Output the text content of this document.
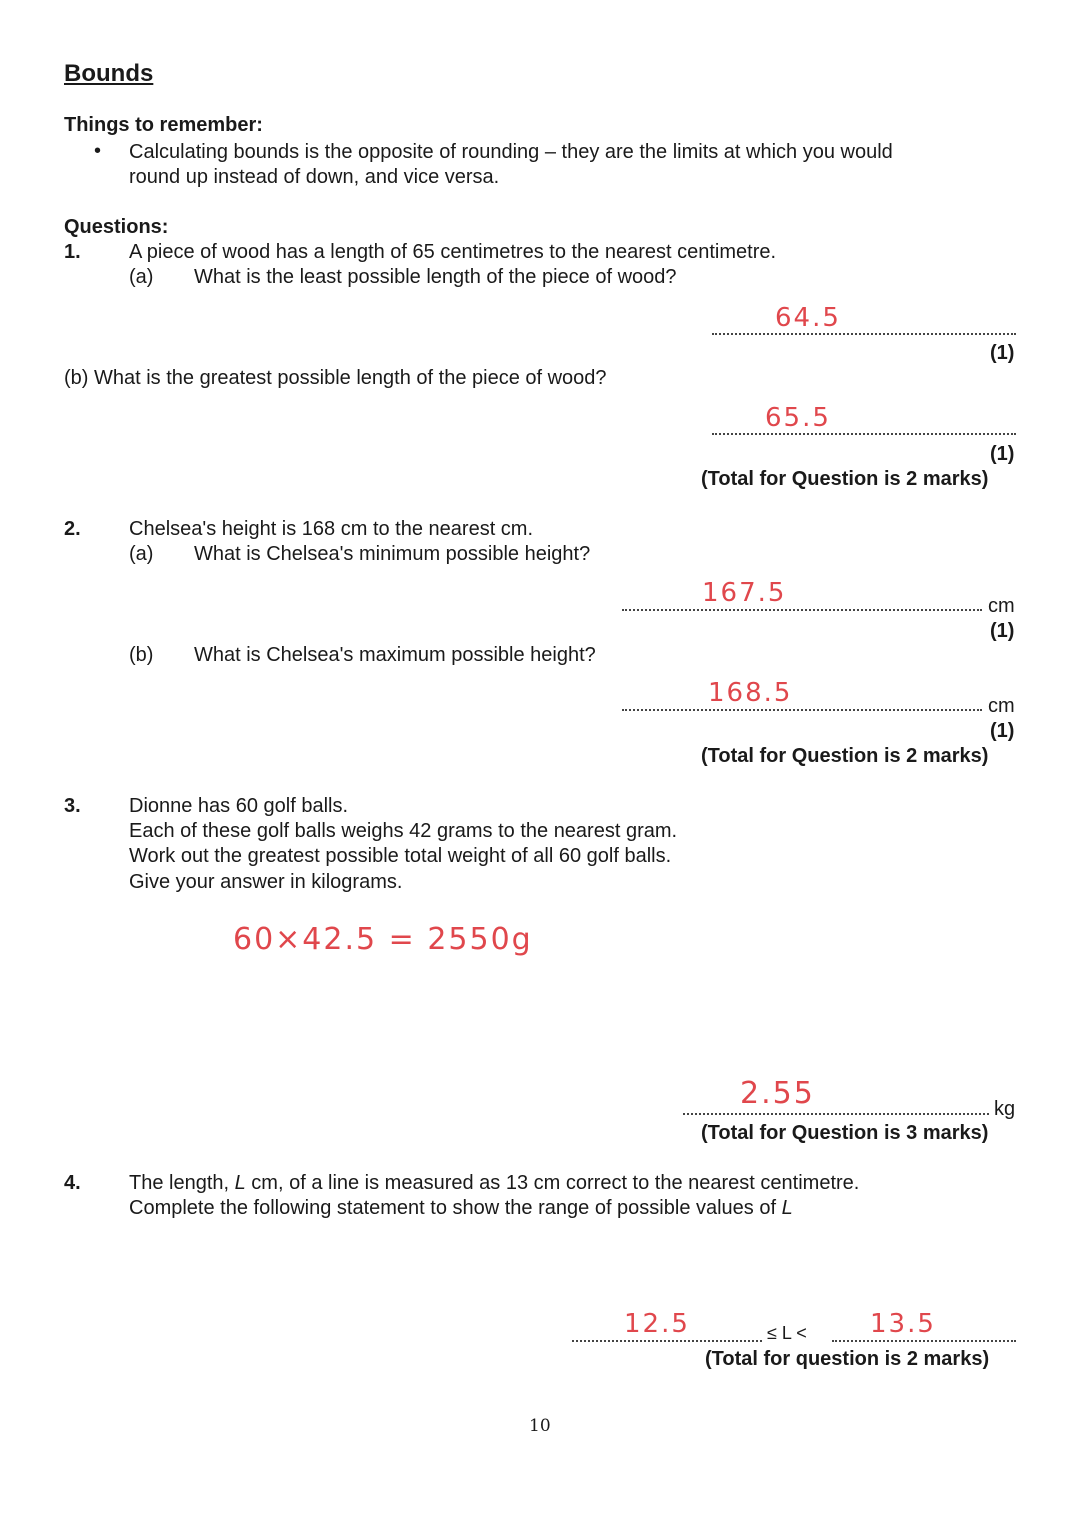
Bounds
Things to remember:
• Calculating bounds is the opposite of rounding – they are the limits at which you would
round up instead of down, and vice versa.
Questions:
1. A piece of wood has a length of 65 centimetres to the nearest centimetre.
(a) What is the least possible length of the piece of wood?
64.5
(1)
(b) What is the greatest possible length of the piece of wood?
65.5
(1)
(Total for Question is 2 marks)
2. Chelsea's height is 168 cm to the nearest cm.
(a) What is Chelsea's minimum possible height?
167.5	cm
(1)
(b) What is Chelsea's maximum possible height?
168.5	cm
(1)
(Total for Question is 2 marks)
3. Dionne has 60 golf balls.
Each of these golf balls weighs 42 grams to the nearest gram.
Work out the greatest possible total weight of all 60 golf balls.
Give your answer in kilograms.
60×42.5 = 2550g
2.55	kg
(Total for Question is 3 marks)
4. The length, L cm, of a line is measured as 13 cm correct to the nearest centimetre.
Complete the following statement to show the range of possible values of L
12.5	≤ L < 13.5
(Total for question is 2 marks)
10
